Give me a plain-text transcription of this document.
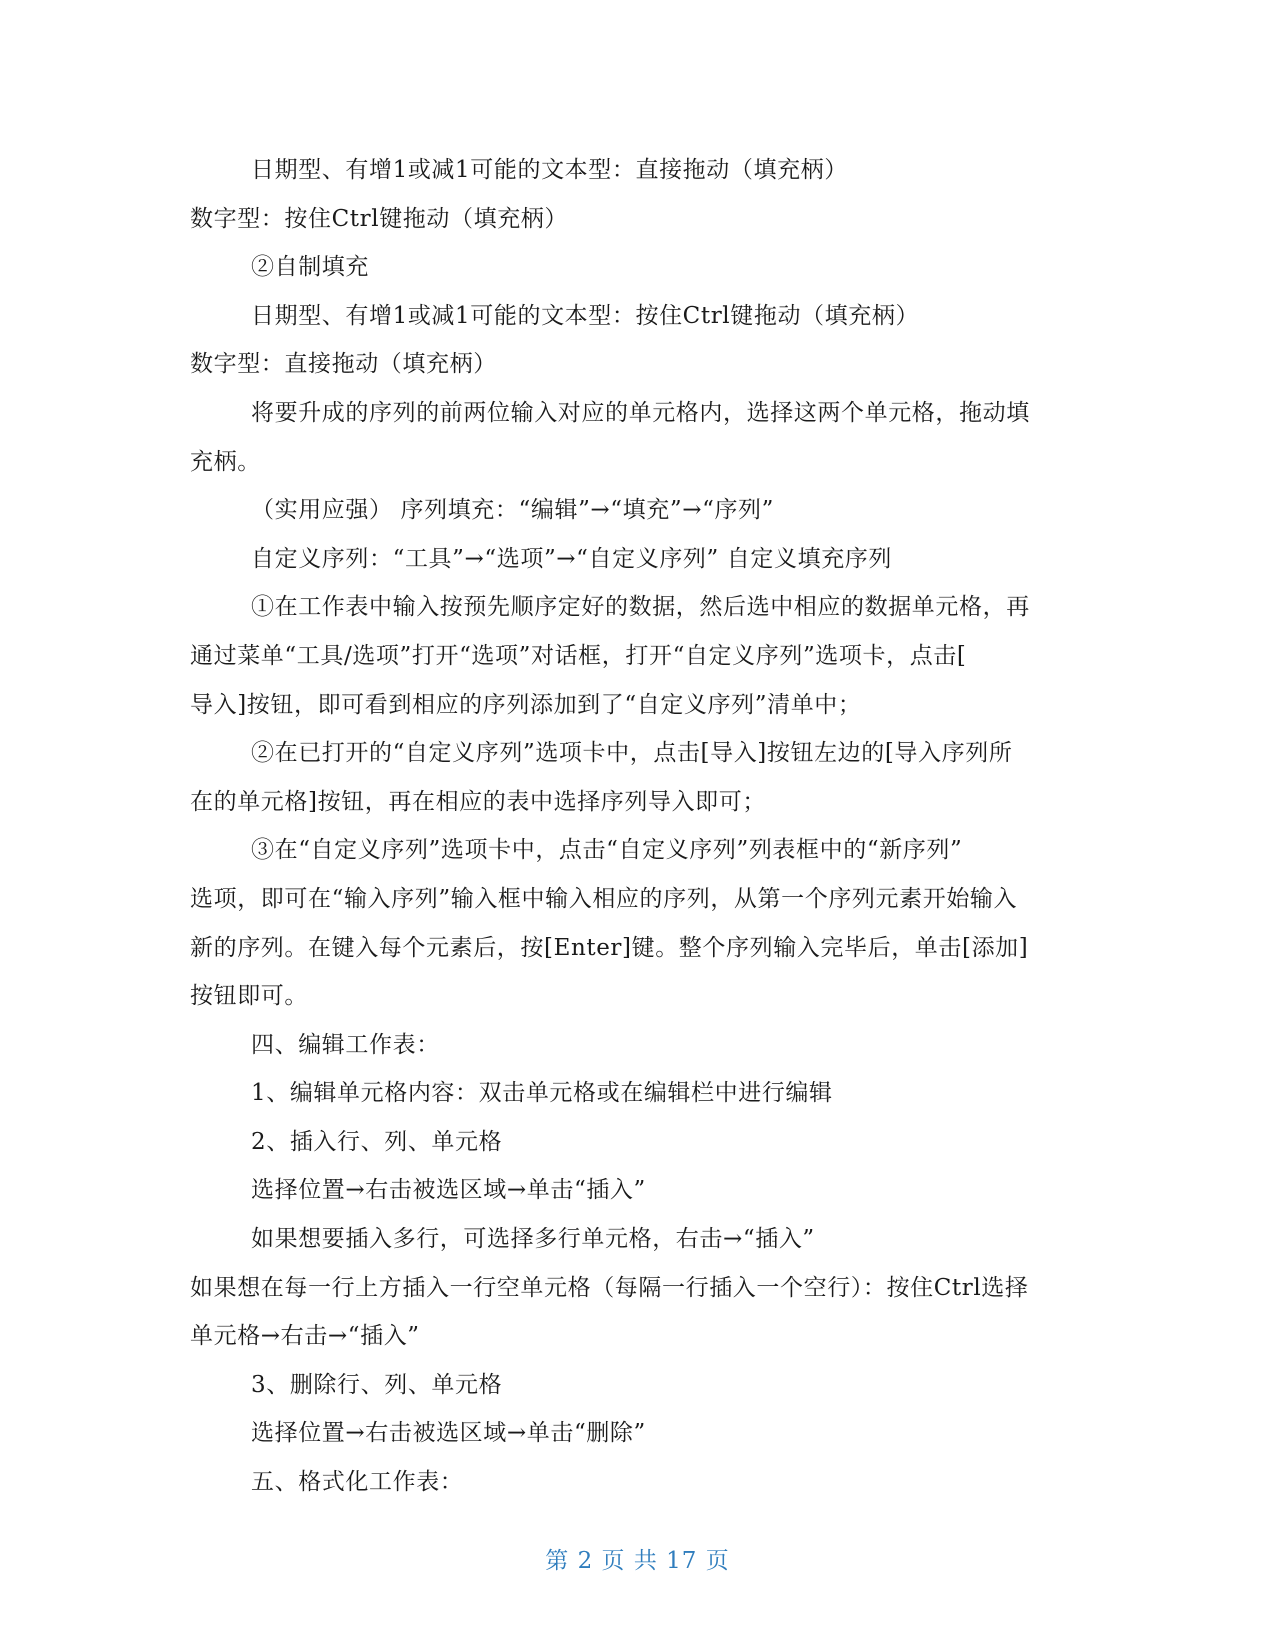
日期型、有增1或减1可能的文本型：直接拖动（填充柄）
数字型：按住Ctrl键拖动（填充柄）
②自制填充
日期型、有增1或减1可能的文本型：按住Ctrl键拖动（填充柄）
数字型：直接拖动（填充柄）
将要升成的序列的前两位输入对应的单元格内，选择这两个单元格，拖动填
充柄。
（实用应强） 序列填充：“编辑”→“填充”→“序列”
自定义序列：“工具”→“选项”→“自定义序列” 自定义填充序列
①在工作表中输入按预先顺序定好的数据，然后选中相应的数据单元格，再
通过菜单“工具/选项”打开“选项”对话框，打开“自定义序列”选项卡，点击[
导入]按钮，即可看到相应的序列添加到了“自定义序列”清单中；
②在已打开的“自定义序列”选项卡中，点击[导入]按钮左边的[导入序列所
在的单元格]按钮，再在相应的表中选择序列导入即可；
③在“自定义序列”选项卡中，点击“自定义序列”列表框中的“新序列”
选项，即可在“输入序列”输入框中输入相应的序列，从第一个序列元素开始输入
新的序列。在键入每个元素后，按[Enter]键。整个序列输入完毕后，单击[添加]
按钮即可。
四、编辑工作表：
1、编辑单元格内容：双击单元格或在编辑栏中进行编辑
2、插入行、列、单元格
选择位置→右击被选区域→单击“插入”
如果想要插入多行，可选择多行单元格，右击→“插入”
如果想在每一行上方插入一行空单元格（每隔一行插入一个空行）：按住Ctrl选择
单元格→右击→“插入”
3、删除行、列、单元格
选择位置→右击被选区域→单击“删除”
五、格式化工作表：
第 2 页 共 17 页
